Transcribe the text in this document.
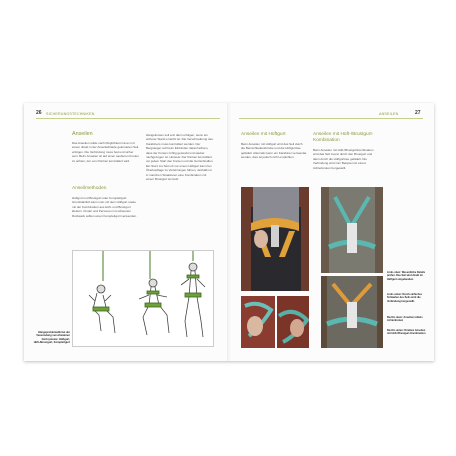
26 SICHERUNGSTECHNIKEN
Anseilen
Das Anseilen sollte nach Möglichkeit immer mit einem direkt in der Anseilschlaufe geknoteten Seil erfolgen. Die Verbindung muss fest und sicher sein. Beim Anseilen ist auf einen sauberen Knoten zu achten, der vom Partner kontrolliert wird.
Anseilmethoden
Hüftgurt und Brustgurt oder Komplettgurt: Grundsätzlich kann man mit dem Hüftgurt sowie mit der Kombination aus Hüft- und Brustgurt klettern. Kinder und Personen mit schwerem Rucksack sollten einen Komplettgurt verwenden.
Hängeknoten soll erst dann erfolgen, wenn ein sicherer Stand erreicht ist. Die Verschraubung des Karabiners muss kontrolliert werden. Der Bergsteiger soll beim Einbinden darauf achten, dass der Knoten richtig gesteckt und sauber nachgezogen ist. Hinweis: Der Partner kontrolliert vor jedem Start den Knoten und die Gurtschnallen. Ein Sturz ins Seil mit nur einem Hüftgurt kann bei Überkopflage zu Verletzungen führen, deshalb ist in manchen Situationen eine Kombination mit einem Brustgurt sinnvoll.
Hängeproblematik bei der Verwendung verschiedener Gurtsysteme: Hüftgurt, Hüft-/Brustgurt, Komplettgurt
ANSEILEN	27
Anseilen mit Hüftgurt
Beim Anseilen mit Hüftgurt wird das Seil durch die Beinschlaufenbrücke und die Hüftgurtöse gefädelt. Alternativ kann ein Karabiner verwendet werden, dies ist jedoch nicht empfohlen.
Anseilen mit Hüft-/Brustgurt-Kombination
Beim Anseilen mit Hüft-/Brustgurtkombination wird das Seil zuerst durch den Brustgurt und dann durch die Hüftgurtöse gefädelt. Die Verbindung wird zum Beispiel mit einem Achterknoten hergestellt.
Links oben: Wesentliche Details prüfen. Das Seil wird direkt im Hüftgurt eingebunden.
Links unten: Durch einfaches Schlaufen des Seils wird die Verbindung hergestellt.
Rechts oben: Anseilen mittels Achterknoten
Rechts unten: Direktes Anseilen mit Hüft-/Brustgurt-Kombination
